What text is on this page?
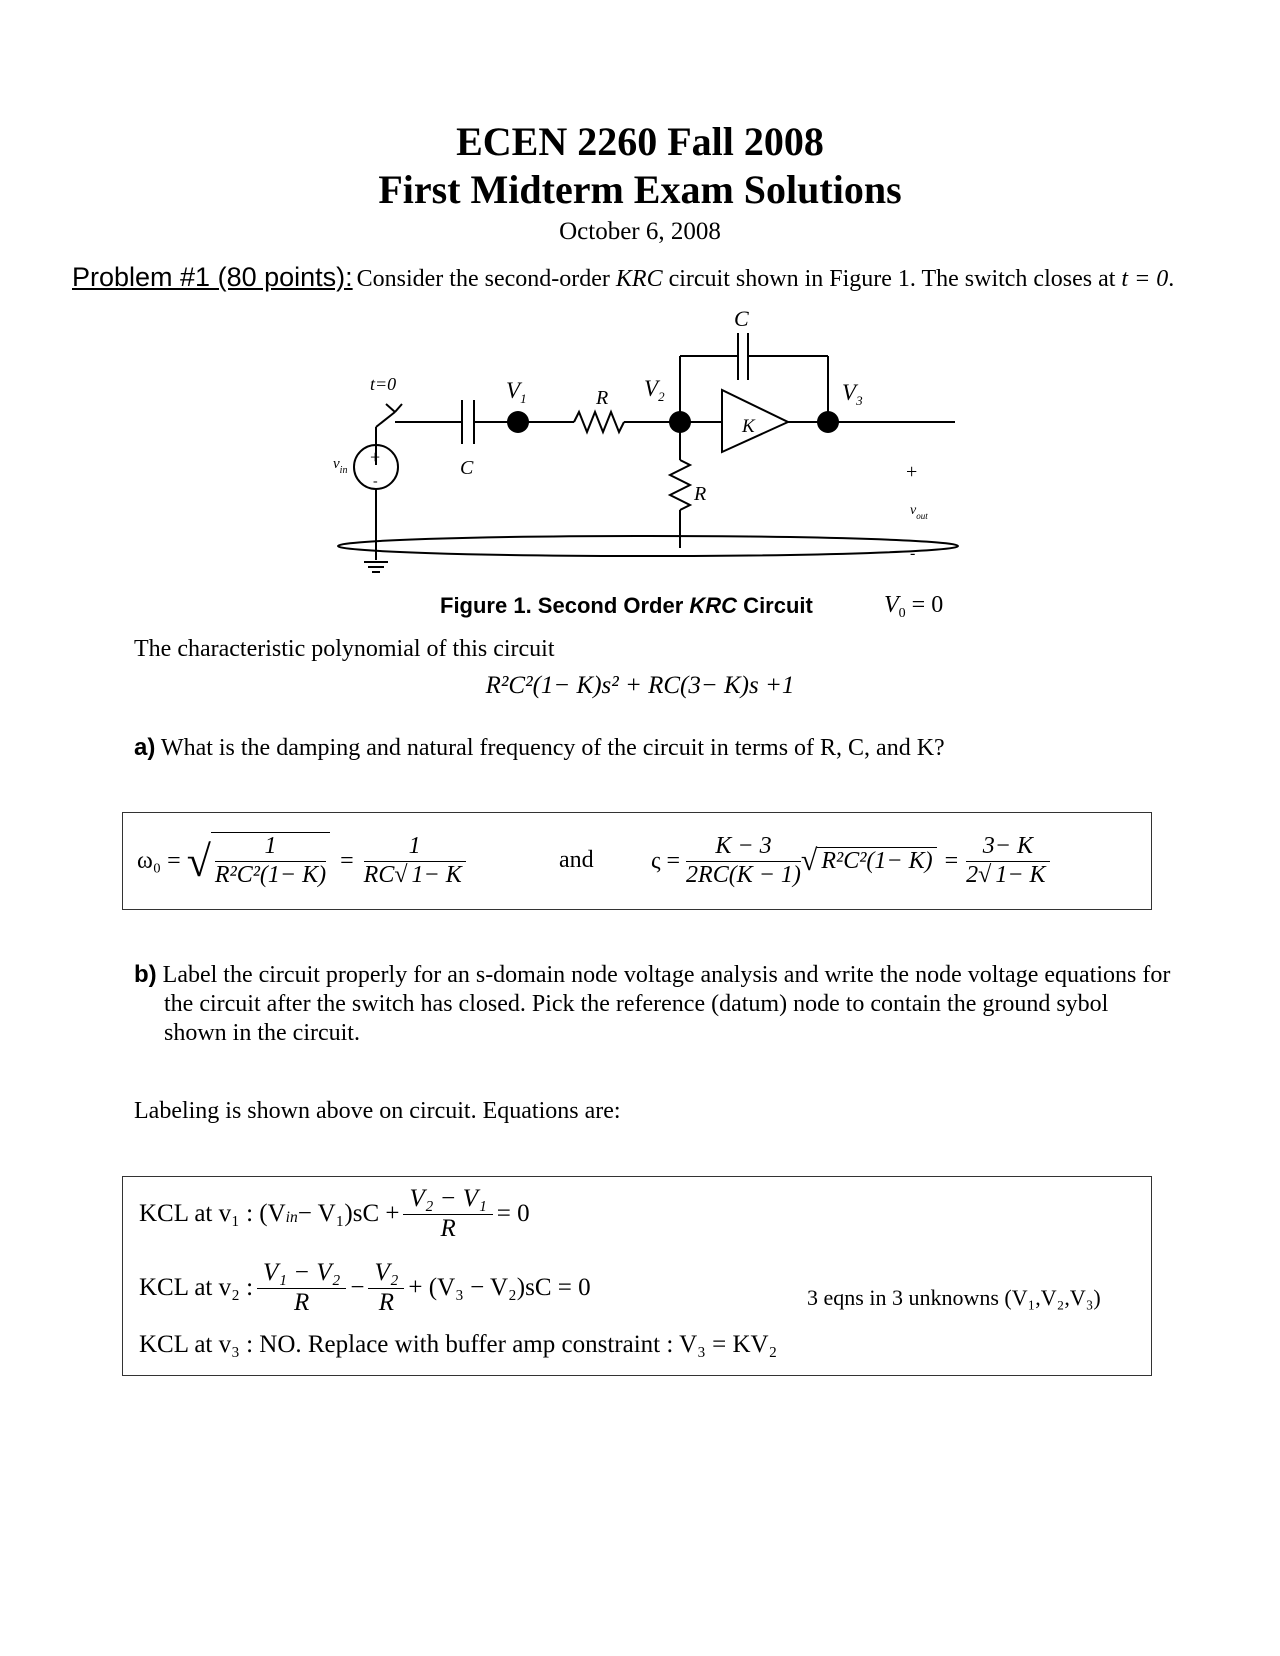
ECEN 2260 Fall 2008
First Midterm Exam Solutions
October 6, 2008
Problem #1 (80 points): Consider the second-order KRC circuit shown in Figure 1. The switch closes at t = 0.
t=0
C
C
R
R
K
$V_1$	$V_2$	$V_3$
$v_{in}$
$v_{out}$
+
-
+
-
$V_0 = 0$
Figure 1. Second Order KRC Circuit
The characteristic polynomial of this circuit
R²C²(1− K)s² + RC(3− K)s +1
a) What is the damping and natural frequency of the circuit in terms of R, C, and K?
ω₀ = √ $\frac{1}{\text{R²C²(1− K)}} = \frac{1}{RC√ 1- K}$	and $\varsigma = \frac{K - 3}{2RC(K - 1)}$ √ $R^2C^2(1- K) = \frac{3- K}{2√ 1- K}$
b) Label the circuit properly for an s-domain node voltage analysis and write the node voltage equations for the circuit after the switch has closed. Pick the reference (datum) node to contain the ground sybol shown in the circuit.
Labeling is shown above on circuit. Equations are:
KCL at v₁ : $(V_{in} - V_1)sC + \frac{\text{V₂ − V₁}}{R} = 0$
KCL at v₂ : $\frac{\text{V₁ − V₂}}{R} - \frac{\text{V₂}}{R} + (V_3 - V_2)sC = 0$
KCL at v₃ : NO. Replace with buffer amp constraint : V₃ = KV₂
3 eqns in 3 unknowns (V₁,V₂,V₃)
